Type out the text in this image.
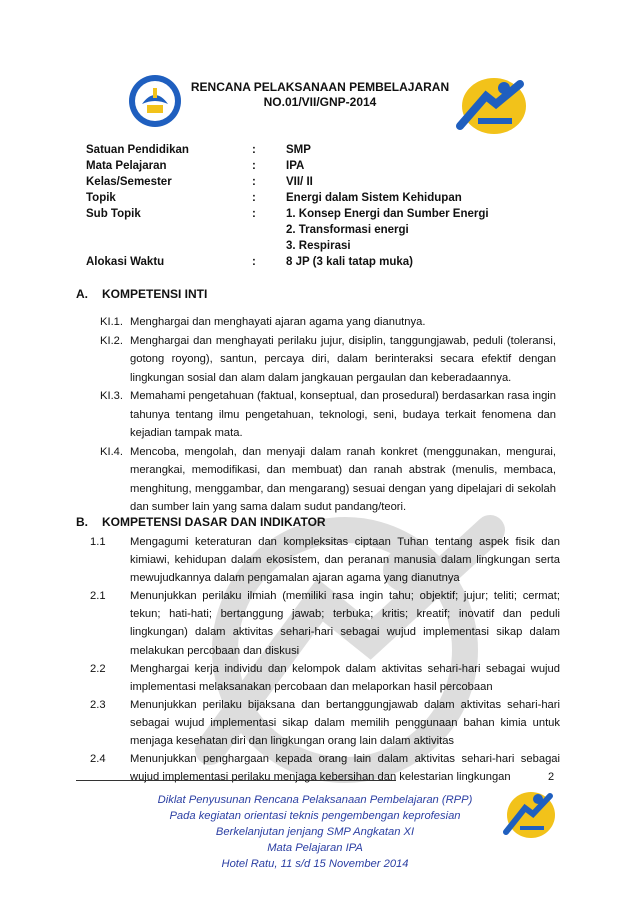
RENCANA PELAKSANAAN PEMBELAJARAN
NO.01/VII/GNP-2014
Satuan Pendidikan	:	SMP
Mata Pelajaran	:	IPA
Kelas/Semester	:	VII/ II
Topik	:	Energi dalam Sistem Kehidupan
Sub Topik	:	1. Konsep Energi dan Sumber Energi
2. Transformasi energi
3. Respirasi
Alokasi Waktu	:	8 JP (3 kali tatap muka)
A. KOMPETENSI INTI

KI.1. Menghargai dan menghayati ajaran agama yang dianutnya.

KI.2. Menghargai dan menghayati perilaku jujur, disiplin, tanggungjawab, peduli (toleransi, gotong royong), santun, percaya diri, dalam berinteraksi secara efektif dengan lingkungan sosial dan alam dalam jangkauan pergaulan dan keberadaannya.

KI.3. Memahami pengetahuan (faktual, konseptual, dan prosedural) berdasarkan rasa ingin tahunya tentang ilmu pengetahuan, teknologi, seni, budaya terkait fenomena dan kejadian tampak mata.

KI.4. Mencoba, mengolah, dan menyaji dalam ranah konkret (menggunakan, mengurai, merangkai, memodifikasi, dan membuat) dan ranah abstrak (menulis, membaca, menghitung, menggambar, dan mengarang) sesuai dengan yang dipelajari di sekolah dan sumber lain yang sama dalam sudut pandang/teori.

B. KOMPETENSI DASAR DAN INDIKATOR

1.1 Mengagumi keteraturan dan kompleksitas ciptaan Tuhan tentang aspek fisik dan kimiawi, kehidupan dalam ekosistem, dan peranan manusia dalam lingkungan serta mewujudkannya dalam pengamalan ajaran agama yang dianutnya

2.1 Menunjukkan perilaku ilmiah (memiliki rasa ingin tahu; objektif; jujur; teliti; cermat; tekun; hati-hati; bertanggung jawab; terbuka; kritis; kreatif; inovatif dan peduli lingkungan) dalam aktivitas sehari-hari sebagai wujud implementasi sikap dalam melakukan percobaan dan diskusi

2.2 Menghargai kerja individu dan kelompok dalam aktivitas sehari-hari sebagai wujud implementasi melaksanakan percobaan dan melaporkan hasil percobaan

2.3 Menunjukkan perilaku bijaksana dan bertanggungjawab dalam aktivitas sehari-hari sebagai wujud implementasi sikap dalam memilih penggunaan bahan kimia untuk menjaga kesehatan diri dan lingkungan orang lain dalam aktivitas

2.4 Menunjukkan penghargaan kepada orang lain dalam aktivitas sehari-hari sebagai wujud implementasi perilaku menjaga kebersihan dan kelestarian lingkungan	2
Diklat Penyusunan Rencana Pelaksanaan Pembelajaran (RPP)
Pada kegiatan orientasi teknis pengembengan keprofesian
Berkelanjutan jenjang SMP Angkatan XI
Mata Pelajaran IPA
Hotel Ratu, 11 s/d 15 November 2014
